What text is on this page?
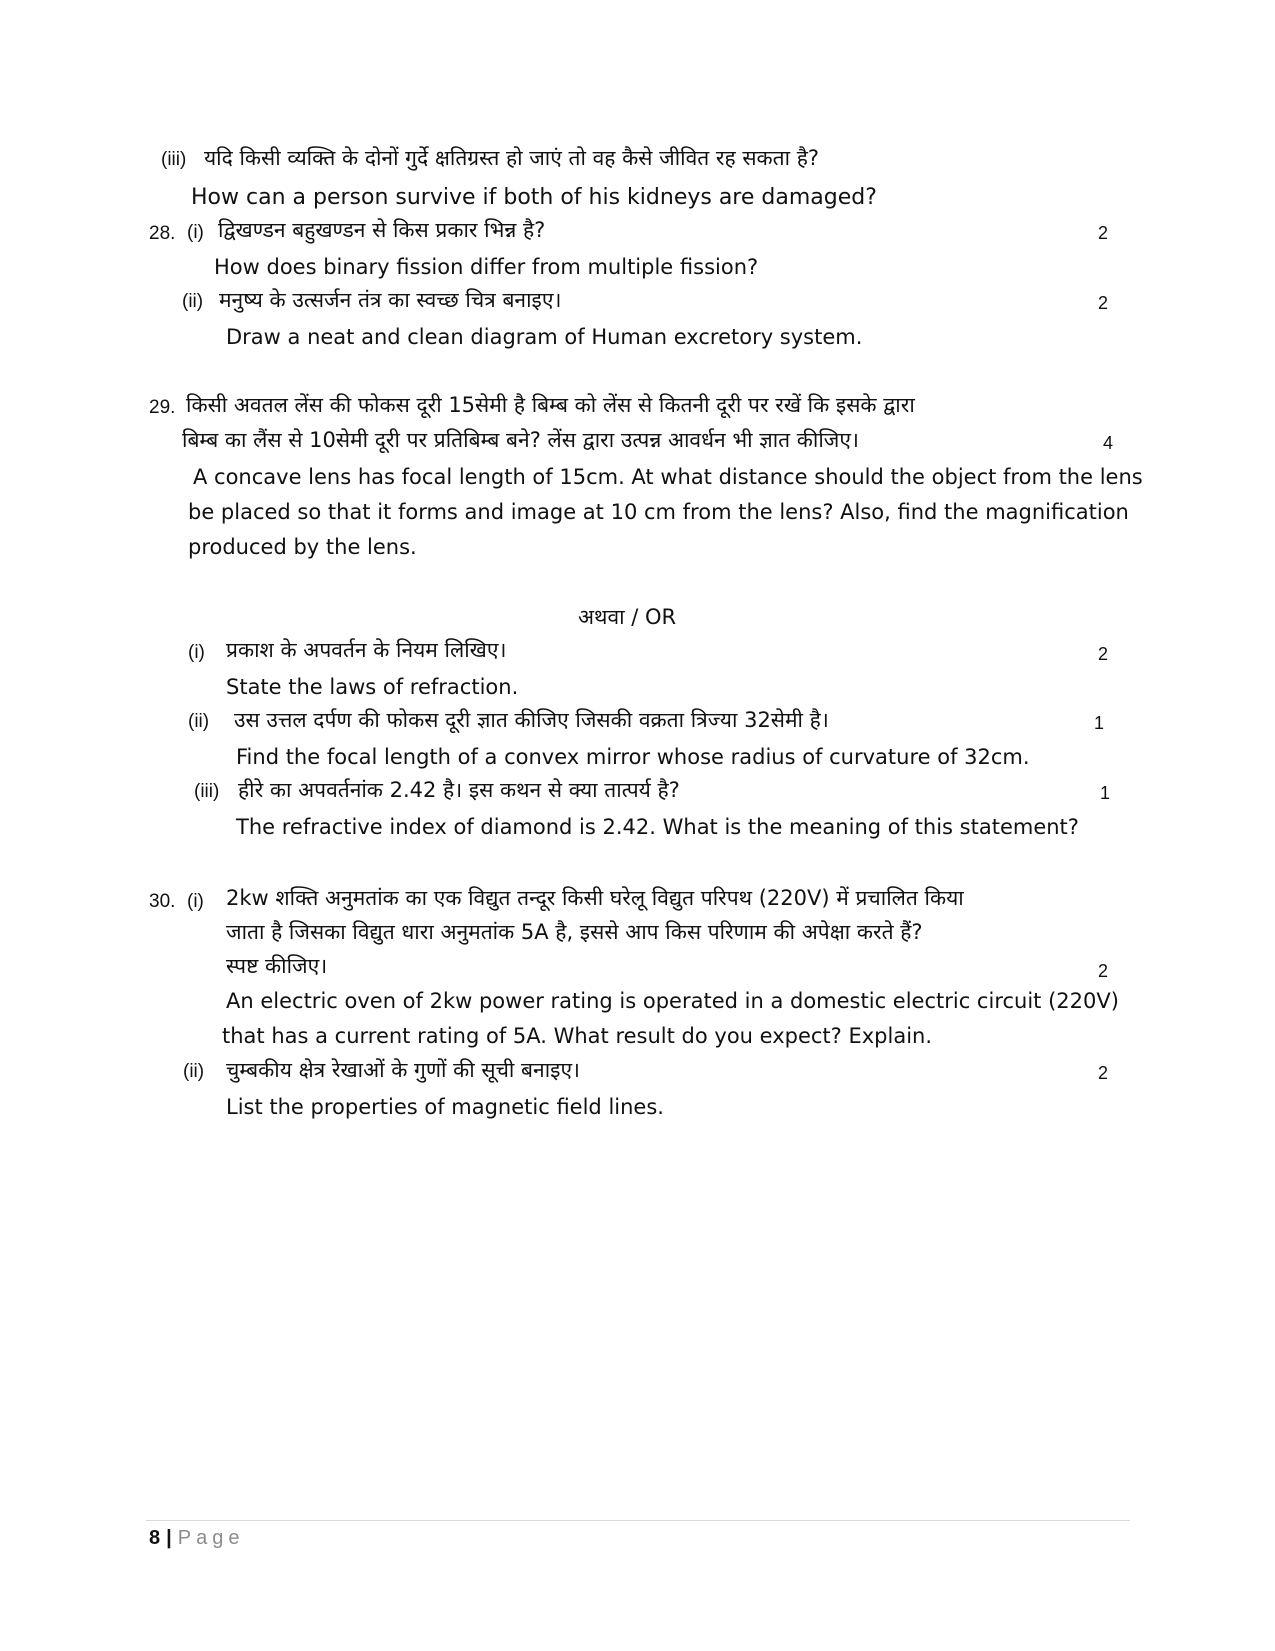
(iii) यदि किसी व्यक्ति के दोनों गुर्दे क्षतिग्रस्त हो जाएं तो वह कैसे जीवित रह सकता है?
How can a person survive if both of his kidneys are damaged?
28. (i) द्विखण्डन बहुखण्डन से किस प्रकार भिन्न है?	2
How does binary fission differ from multiple fission?
(ii) मनुष्य के उत्सर्जन तंत्र का स्वच्छ चित्र बनाइए।	2
Draw a neat and clean diagram of Human excretory system.
29. किसी अवतल लेंस की फोकस दूरी 15सेमी है बिम्ब को लेंस से कितनी दूरी पर रखें कि इसके द्वारा
बिम्ब का लैंस से 10सेमी दूरी पर प्रतिबिम्ब बने? लेंस द्वारा उत्पन्न आवर्धन भी ज्ञात कीजिए।	4
A concave lens has focal length of 15cm. At what distance should the object from the lens
be placed so that it forms and image at 10 cm from the lens? Also, find the magnification
produced by the lens.
अथवा / OR
(i) प्रकाश के अपवर्तन के नियम लिखिए।	2
State the laws of refraction.
(ii) उस उत्तल दर्पण की फोकस दूरी ज्ञात कीजिए जिसकी वक्रता त्रिज्या 32सेमी है।	1
Find the focal length of a convex mirror whose radius of curvature of 32cm.
(iii) हीरे का अपवर्तनांक 2.42 है। इस कथन से क्या तात्पर्य है?	1
The refractive index of diamond is 2.42. What is the meaning of this statement?
30. (i) 2kw शक्ति अनुमतांक का एक विद्युत तन्दूर किसी घरेलू विद्युत परिपथ (220V) में प्रचालित किया
जाता है जिसका विद्युत धारा अनुमतांक 5A है, इससे आप किस परिणाम की अपेक्षा करते हैं?
स्पष्ट कीजिए।	2
An electric oven of 2kw power rating is operated in a domestic electric circuit (220V)
that has a current rating of 5A. What result do you expect? Explain.
(ii) चुम्बकीय क्षेत्र रेखाओं के गुणों की सूची बनाइए।	2
List the properties of magnetic field lines.
8 | Page
